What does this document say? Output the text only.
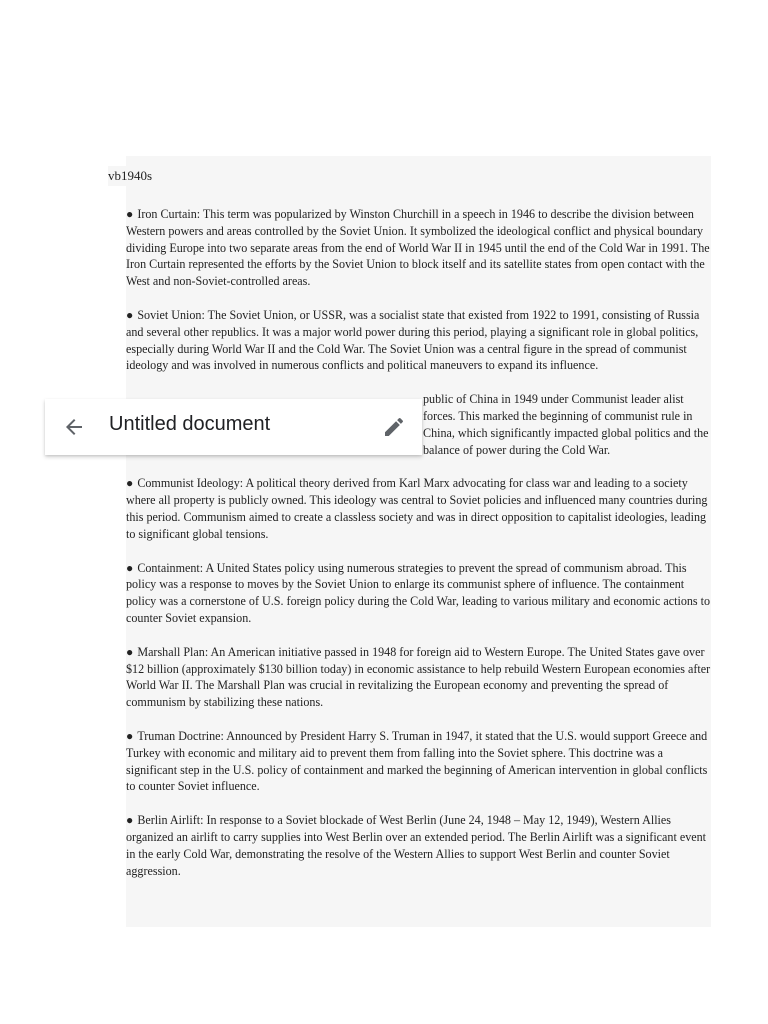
vb1940s

● Iron Curtain: This term was popularized by Winston Churchill in a speech in 1946 to describe the division between Western powers and areas controlled by the Soviet Union. It symbolized the ideological conflict and physical boundary dividing Europe into two separate areas from the end of World War II in 1945 until the end of the Cold War in 1991. The Iron Curtain represented the efforts by the Soviet Union to block itself and its satellite states from open contact with the West and non-Soviet-controlled areas.

● Soviet Union: The Soviet Union, or USSR, was a socialist state that existed from 1922 to 1991, consisting of Russia and several other republics. It was a major world power during this period, playing a significant role in global politics, especially during World War II and the Cold War. The Soviet Union was a central figure in the spread of communist ideology and was involved in numerous conflicts and political maneuvers to expand its influence.

public of China in 1949 under Communist leader alist forces. This marked the beginning of communist rule in China, which significantly impacted global politics and the balance of power during the Cold War.

● Communist Ideology: A political theory derived from Karl Marx advocating for class war and leading to a society where all property is publicly owned. This ideology was central to Soviet policies and influenced many countries during this period. Communism aimed to create a classless society and was in direct opposition to capitalist ideologies, leading to significant global tensions.

● Containment: A United States policy using numerous strategies to prevent the spread of communism abroad. This policy was a response to moves by the Soviet Union to enlarge its communist sphere of influence. The containment policy was a cornerstone of U.S. foreign policy during the Cold War, leading to various military and economic actions to counter Soviet expansion.

● Marshall Plan: An American initiative passed in 1948 for foreign aid to Western Europe. The United States gave over $12 billion (approximately $130 billion today) in economic assistance to help rebuild Western European economies after World War II. The Marshall Plan was crucial in revitalizing the European economy and preventing the spread of communism by stabilizing these nations.

● Truman Doctrine: Announced by President Harry S. Truman in 1947, it stated that the U.S. would support Greece and Turkey with economic and military aid to prevent them from falling into the Soviet sphere. This doctrine was a significant step in the U.S. policy of containment and marked the beginning of American intervention in global conflicts to counter Soviet influence.

● Berlin Airlift: In response to a Soviet blockade of West Berlin (June 24, 1948 – May 12, 1949), Western Allies organized an airlift to carry supplies into West Berlin over an extended period. The Berlin Airlift was a significant event in the early Cold War, demonstrating the resolve of the Western Allies to support West Berlin and counter Soviet aggression.

Untitled document
